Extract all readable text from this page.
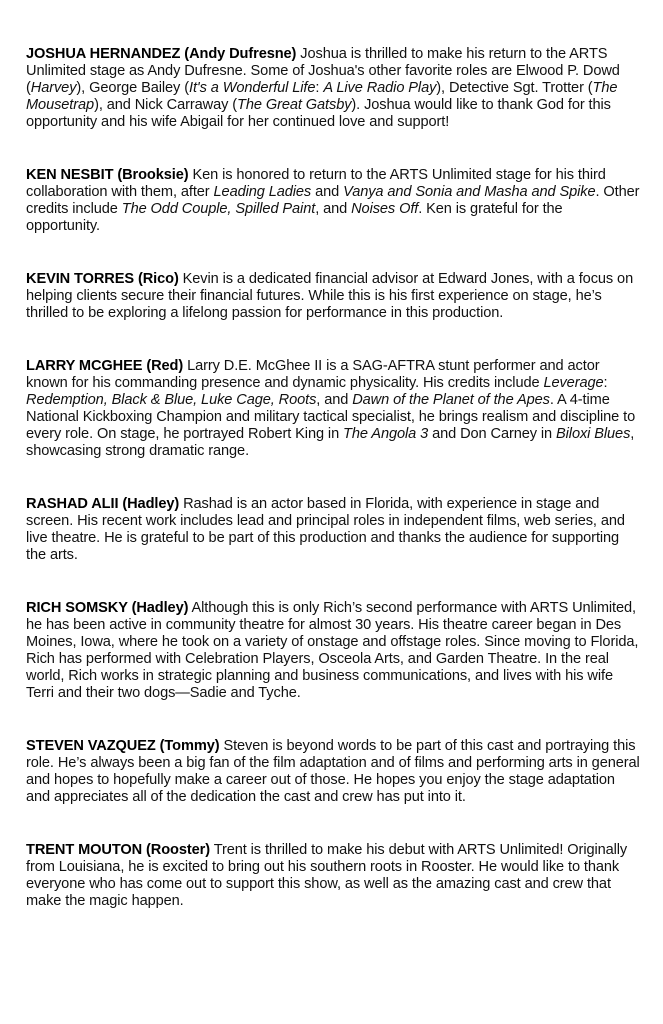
JOSHUA HERNANDEZ (Andy Dufresne) Joshua is thrilled to make his return to the ARTS Unlimited stage as Andy Dufresne. Some of Joshua's other favorite roles are Elwood P. Dowd (Harvey), George Bailey (It's a Wonderful Life: A Live Radio Play), Detective Sgt. Trotter (The Mousetrap), and Nick Carraway (The Great Gatsby). Joshua would like to thank God for this opportunity and his wife Abigail for her continued love and support!

KEN NESBIT (Brooksie) Ken is honored to return to the ARTS Unlimited stage for his third collaboration with them, after Leading Ladies and Vanya and Sonia and Masha and Spike. Other credits include The Odd Couple, Spilled Paint, and Noises Off. Ken is grateful for the opportunity.

KEVIN TORRES (Rico) Kevin is a dedicated financial advisor at Edward Jones, with a focus on helping clients secure their financial futures. While this is his first experience on stage, he’s thrilled to be exploring a lifelong passion for performance in this production.

LARRY MCGHEE (Red) Larry D.E. McGhee II is a SAG-AFTRA stunt performer and actor known for his commanding presence and dynamic physicality. His credits include Leverage: Redemption, Black & Blue, Luke Cage, Roots, and Dawn of the Planet of the Apes. A 4-time National Kickboxing Champion and military tactical specialist, he brings realism and discipline to every role. On stage, he portrayed Robert King in The Angola 3 and Don Carney in Biloxi Blues, showcasing strong dramatic range.

RASHAD ALII (Hadley) Rashad is an actor based in Florida, with experience in stage and screen. His recent work includes lead and principal roles in independent films, web series, and live theatre. He is grateful to be part of this production and thanks the audience for supporting the arts.

RICH SOMSKY (Hadley) Although this is only Rich’s second performance with ARTS Unlimited, he has been active in community theatre for almost 30 years. His theatre career began in Des Moines, Iowa, where he took on a variety of onstage and offstage roles. Since moving to Florida, Rich has performed with Celebration Players, Osceola Arts, and Garden Theatre. In the real world, Rich works in strategic planning and business communications, and lives with his wife Terri and their two dogs—Sadie and Tyche.

STEVEN VAZQUEZ (Tommy) Steven is beyond words to be part of this cast and portraying this role. He’s always been a big fan of the film adaptation and of films and performing arts in general and hopes to hopefully make a career out of those. He hopes you enjoy the stage adaptation and appreciates all of the dedication the cast and crew has put into it.

TRENT MOUTON (Rooster) Trent is thrilled to make his debut with ARTS Unlimited! Originally from Louisiana, he is excited to bring out his southern roots in Rooster. He would like to thank everyone who has come out to support this show, as well as the amazing cast and crew that make the magic happen.
